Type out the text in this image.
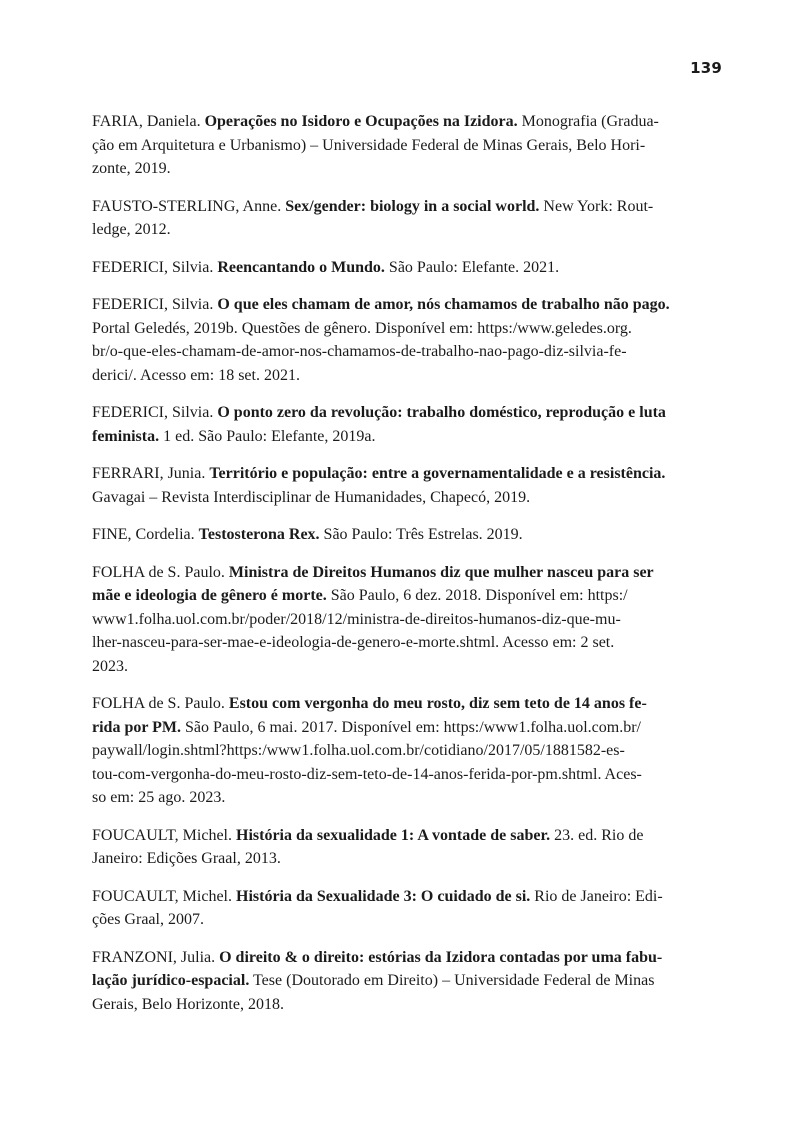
139
FARIA, Daniela. Operações no Isidoro e Ocupações na Izidora. Monografia (Gradua-
ção em Arquitetura e Urbanismo) – Universidade Federal de Minas Gerais, Belo Hori-
zonte, 2019.
FAUSTO-STERLING, Anne. Sex/gender: biology in a social world. New York: Rout-
ledge, 2012.
FEDERICI, Silvia. Reencantando o Mundo. São Paulo: Elefante. 2021.
FEDERICI, Silvia. O que eles chamam de amor, nós chamamos de trabalho não pago.
Portal Geledés, 2019b. Questões de gênero. Disponível em: https:/www.geledes.org.
br/o-que-eles-chamam-de-amor-nos-chamamos-de-trabalho-nao-pago-diz-silvia-fe-
derici/. Acesso em: 18 set. 2021.
FEDERICI, Silvia. O ponto zero da revolução: trabalho doméstico, reprodução e luta
feminista. 1 ed. São Paulo: Elefante, 2019a.
FERRARI, Junia. Território e população: entre a governamentalidade e a resistência.
Gavagai – Revista Interdisciplinar de Humanidades, Chapecó, 2019.
FINE, Cordelia. Testosterona Rex. São Paulo: Três Estrelas. 2019.
FOLHA de S. Paulo. Ministra de Direitos Humanos diz que mulher nasceu para ser
mãe e ideologia de gênero é morte. São Paulo, 6 dez. 2018. Disponível em: https:/
www1.folha.uol.com.br/poder/2018/12/ministra-de-direitos-humanos-diz-que-mu-
lher-nasceu-para-ser-mae-e-ideologia-de-genero-e-morte.shtml. Acesso em: 2 set.
2023.
FOLHA de S. Paulo. Estou com vergonha do meu rosto, diz sem teto de 14 anos fe-
rida por PM. São Paulo, 6 mai. 2017. Disponível em: https:/www1.folha.uol.com.br/
paywall/login.shtml?https:/www1.folha.uol.com.br/cotidiano/2017/05/1881582-es-
tou-com-vergonha-do-meu-rosto-diz-sem-teto-de-14-anos-ferida-por-pm.shtml. Aces-
so em: 25 ago. 2023.
FOUCAULT, Michel. História da sexualidade 1: A vontade de saber. 23. ed. Rio de
Janeiro: Edições Graal, 2013.
FOUCAULT, Michel. História da Sexualidade 3: O cuidado de si. Rio de Janeiro: Edi-
ções Graal, 2007.
FRANZONI, Julia. O direito & o direito: estórias da Izidora contadas por uma fabu-
lação jurídico-espacial. Tese (Doutorado em Direito) – Universidade Federal de Minas
Gerais, Belo Horizonte, 2018.
